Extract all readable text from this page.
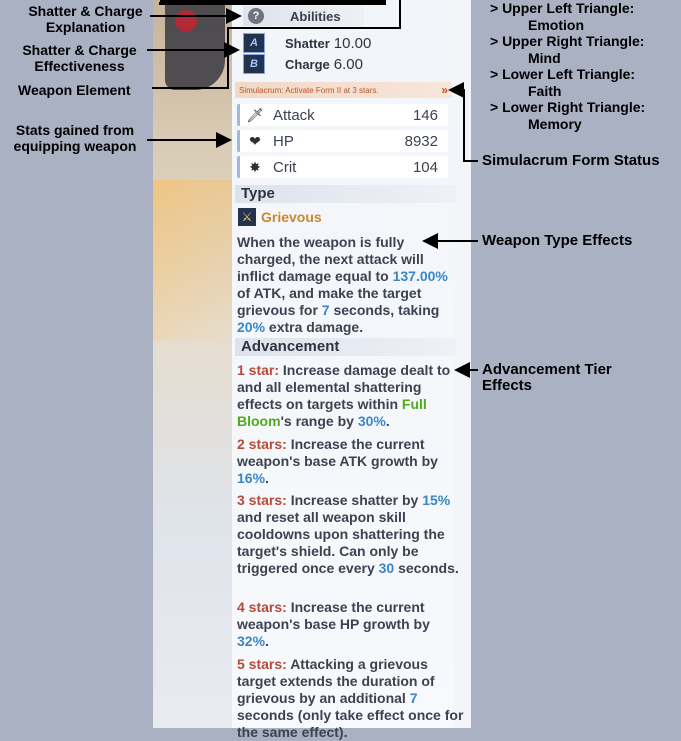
?	Abilities
A	Shatter 10.00
B	Charge 6.00
Simulacrum: Activate Form II at 3 stars.	»
🗡 Attack	146
❤ HP	8932
✸ Crit	104
Type
⚔ Grievous
When the weapon is fully charged, the next attack will inflict damage equal to 137.00% of ATK, and make the target grievous for 7 seconds, taking 20% extra damage.
Advancement
1 star: Increase damage dealt to and all elemental shattering effects on targets within Full Bloom's range by 30%.
2 stars: Increase the current weapon's base ATK growth by 16%.
3 stars: Increase shatter by 15% and reset all weapon skill cooldowns upon shattering the target's shield. Can only be triggered once every 30 seconds.
4 stars: Increase the current weapon's base HP growth by 32%.
5 stars: Attacking a grievous target extends the duration of grievous by an additional 7 seconds (only take effect once for the same effect).
Shatter & Charge
Explanation
Shatter & Charge
Effectiveness
Weapon Element
Stats gained from
equipping weapon
> Upper Left Triangle:
Emotion
> Upper Right Triangle:
Mind
> Lower Left Triangle:
Faith
> Lower Right Triangle:
Memory
Simulacrum Form Status
Weapon Type Effects
Advancement Tier
Effects
